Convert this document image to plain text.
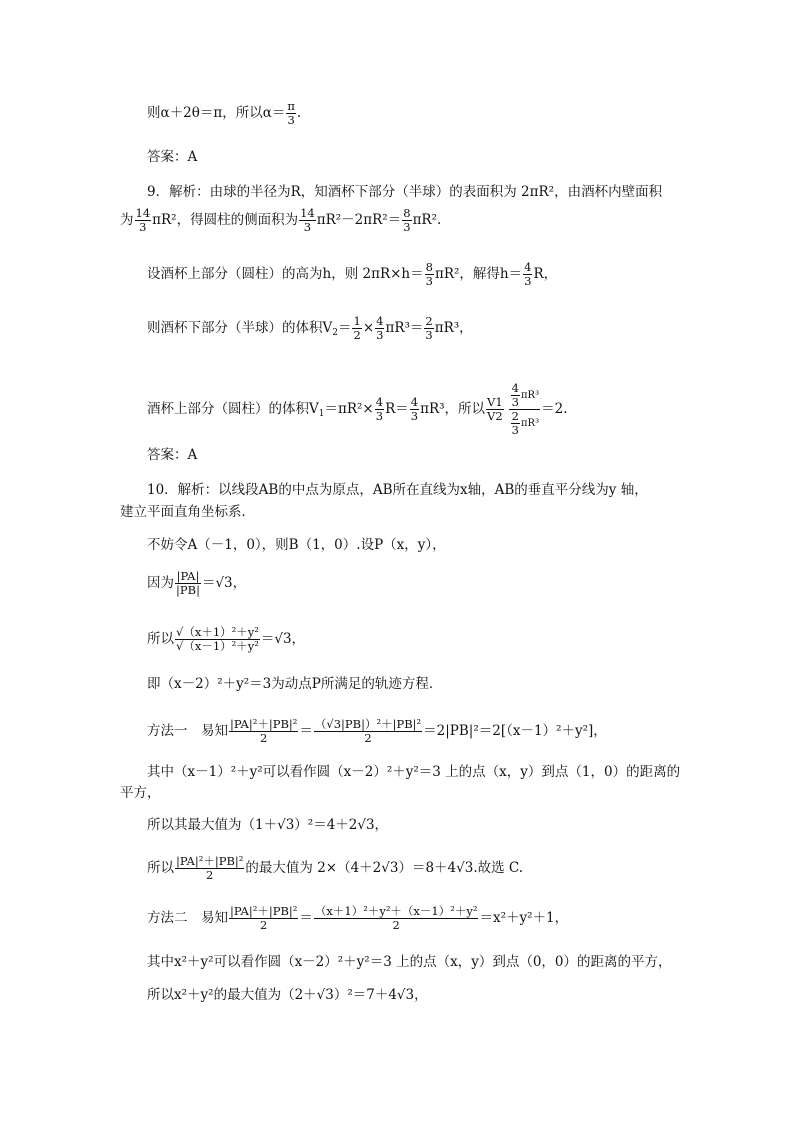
则α＋2θ＝π，所以$\alpha= \frac{\pi}{3}$ .
答案：A
9．解析：由球的半径为R，知酒杯下部分（半球）的表面积为 2πR²，由酒杯内壁面积
为 $\frac{14}{3} \pi R^2$，得圆柱的侧面积为 $\frac{14}{3} \pi R^2-2\pi R^2= \frac{8}{3} \pi R^2$.
设酒杯上部分（圆柱）的高为h，则 $2\pi R\times h= \frac{8}{3} \pi R^2$，解得$h= \frac{4}{3}$ R，
则酒杯下部分（半球）的体积$V_2= \frac{1}{2} \times \frac{4}{3} \pi R^3= \frac{2}{3} \pi R^3$，
酒杯上部分（圆柱）的体积$V_1=\pi R^2\times \frac{4}{3} R= \frac{4}{3} \pi R^3$，所以 $\frac{V1}{V2} \frac{\frac{4}{3} \pi R^3}{\frac{2}{3} \pi R^3} =2$.
答案：A
10．解析：以线段AB的中点为原点，AB所在直线为x轴，AB的垂直平分线为y 轴，
建立平面直角坐标系．
不妨令A（－1，0），则B（1，0）.设P（x，y），
因为 $\frac{|PA|}{|PB|} =√3$，
所以 $\frac{\text{√（x＋1）²＋y²}}{\text{√（x－1）²＋y²}} =√3$，
即（x－2）²＋y²＝3为动点P所满足的轨迹方程．
方法一　易知 $\frac{\text{|PA|²＋|PB|²}}{2} = \frac{\text{（√3|PB|）²＋|PB|²}}{2} =2|PB|^2=2[(x-1)^2+y^2]$，
其中（x－1）²＋y²可以看作圆（x－2）²＋y²＝3 上的点（x，y）到点（1，0）的距离的
平方，
所以其最大值为（1＋√3）²＝4＋2√3，
所以 $\frac{\text{|PA|²＋|PB|²}}{2}$ 的最大值为 2×（4＋2√3）＝8＋4√3.故选 C.
方法二　易知 $\frac{\text{|PA|²＋|PB|²}}{2} = \frac{\text{（x＋1）²＋y²＋（x－1）²＋y²}}{2} =x^2+y^2+1$，
其中x²＋y²可以看作圆（x－2）²＋y²＝3 上的点（x，y）到点（0，0）的距离的平方，
所以x²＋y²的最大值为（2＋√3）²＝7＋4√3，
